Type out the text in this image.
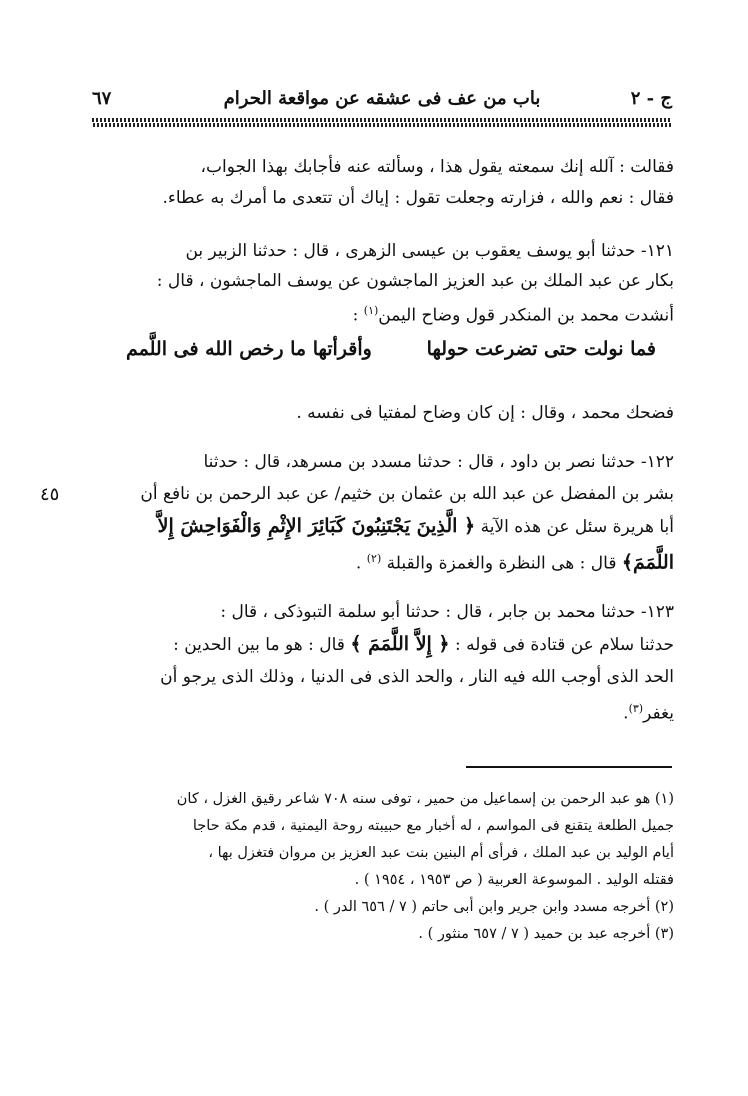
ج - ٢
باب من عف فى عشقه عن مواقعة الحرام
٦٧
فقالت : آلله إنك سمعته يقول هذا ، وسألته عنه فأجابك بهذا الجواب،
فقال : نعم والله ، فزارته وجعلت تقول : إياك أن تتعدى ما أمرك به عطاء.
١٢١- حدثنا أبو يوسف يعقوب بن عيسى الزهرى ، قال : حدثنا الزبير بن
بكار عن عبد الملك بن عبد العزيز الماجشون عن يوسف الماجشون ، قال :
أنشدت محمد بن المنكدر قول وضاح اليمن$^{(١)}$ :
فما نولت حتى تضرعت حولها
وأقرأتها ما رخص الله فى اللَّمم
فضحك محمد ، وقال : إن كان وضاح لمفتيا فى نفسه .
١٢٢- حدثنا نصر بن داود ، قال : حدثنا مسدد بن مسرهد، قال : حدثنا
بشر بن المفضل عن عبد الله بن عثمان بن خثيم/ عن عبد الرحمن بن نافع أن
أبا هريرة سئل عن هذه الآية ﴿ الَّذِينَ يَجْتَنِبُونَ كَبَائِرَ الإِثْمِ وَالْفَوَاحِشَ إِلاَّ
اللَّمَمَ﴾ قال : هى النظرة والغمزة والقبلة $^{(٢)}$ .
٤٥
١٢٣- حدثنا محمد بن جابر ، قال : حدثنا أبو سلمة التبوذكى ، قال :
حدثنا سلام عن قتادة فى قوله : ﴿ إِلاَّ اللَّمَمَ ﴾ قال : هو ما بين الحدين :
الحد الذى أوجب الله فيه النار ، والحد الذى فى الدنيا ، وذلك الذى يرجو أن
يغفر$^{(٣)}$.
(١) هو عبد الرحمن بن إسماعيل من حمير ، توفى سنه ٧٠٨ شاعر رقيق الغزل ، كان
جميل الطلعة يتقنع فى المواسم ، له أخبار مع حبيبته روحة اليمنية ، قدم مكة حاجا
أيام الوليد بن عبد الملك ، فرأى أم البنين بنت عبد العزيز بن مروان فتغزل بها ،
فقتله الوليد . الموسوعة العربية ( ص ١٩٥٣ ، ١٩٥٤ ) .
(٢) أخرجه مسدد وابن جرير وابن أبى حاتم ( ٧ / ٦٥٦ الدر ) .
(٣) أخرجه عبد بن حميد ( ٧ / ٦٥٧ منثور ) .
